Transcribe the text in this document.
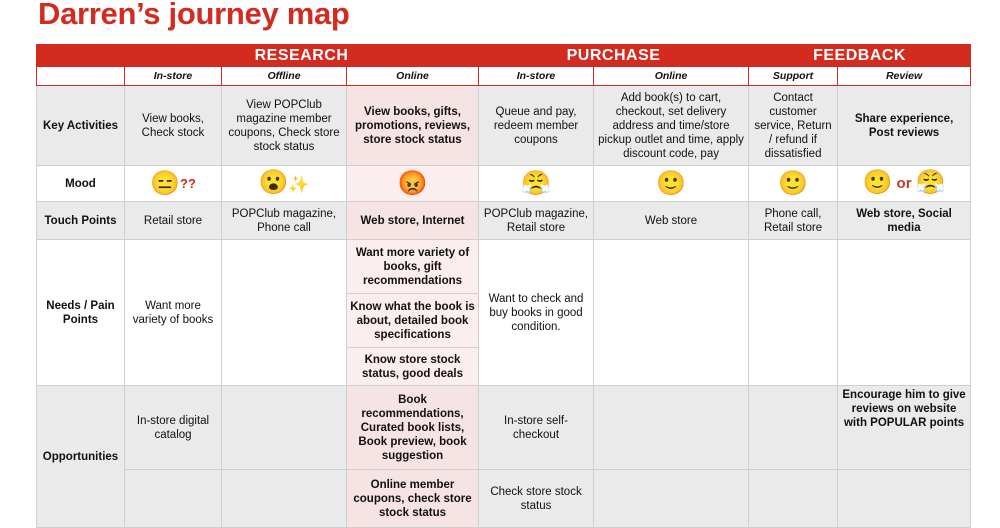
Darren’s journey map
	RESEARCH			PURCHASE		FEEDBACK	
	In-store	Offline	Online	In-store	Online	Support	Review
Key Activities	View books, Check stock	View POPClub magazine member coupons, Check store stock status	View books, gifts, promotions, reviews, store stock status	Queue and pay, redeem member coupons	Add book(s) to cart, checkout, set delivery address and time/store pickup outlet and time, apply discount code, pay	Contact customer service, Return / refund if dissatisfied	Share experience, Post reviews
Mood	😑??	😮✨	😡	😤	🙂	🙂	🙂 or 😤
Touch Points	Retail store	POPClub magazine, Phone call	Web store, Internet	POPClub magazine, Retail store	Web store	Phone call, Retail store	Web store, Social media
Needs / Pain Points	Want more variety of books		Want more variety of books, gift recommendations	Want to check and buy books in good condition.			
			Know what the book is about, detailed book specifications				
			Know store stock status, good deals				
Opportunities	In-store digital catalog		Book recommendations, Curated book lists, Book preview, book suggestion	In-store self-checkout			Encourage him to give reviews on website with POPULAR points
			Online member coupons, check store stock status	Check store stock status			
